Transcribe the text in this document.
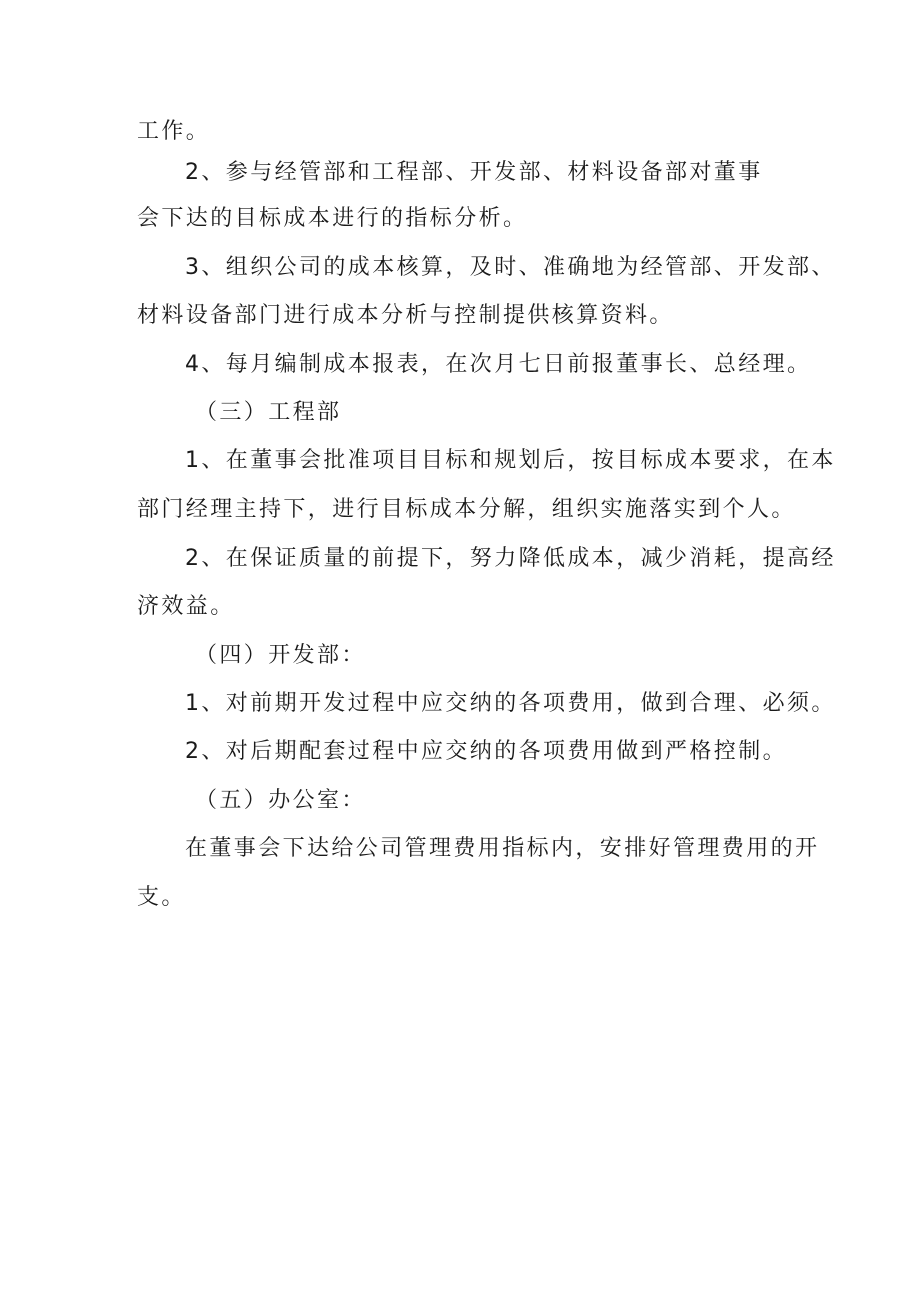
工作。
2、参与经管部和工程部、开发部、材料设备部对董事
会下达的目标成本进行的指标分析。
3、组织公司的成本核算，及时、准确地为经管部、开发部、
材料设备部门进行成本分析与控制提供核算资料。
4、每月编制成本报表，在次月七日前报董事长、总经理。
（三）工程部
1、在董事会批准项目目标和规划后，按目标成本要求，在本
部门经理主持下，进行目标成本分解，组织实施落实到个人。
2、在保证质量的前提下，努力降低成本，减少消耗，提高经
济效益。
（四）开发部：
1、对前期开发过程中应交纳的各项费用，做到合理、必须。
2、对后期配套过程中应交纳的各项费用做到严格控制。
（五）办公室：
在董事会下达给公司管理费用指标内，安排好管理费用的开
支。
